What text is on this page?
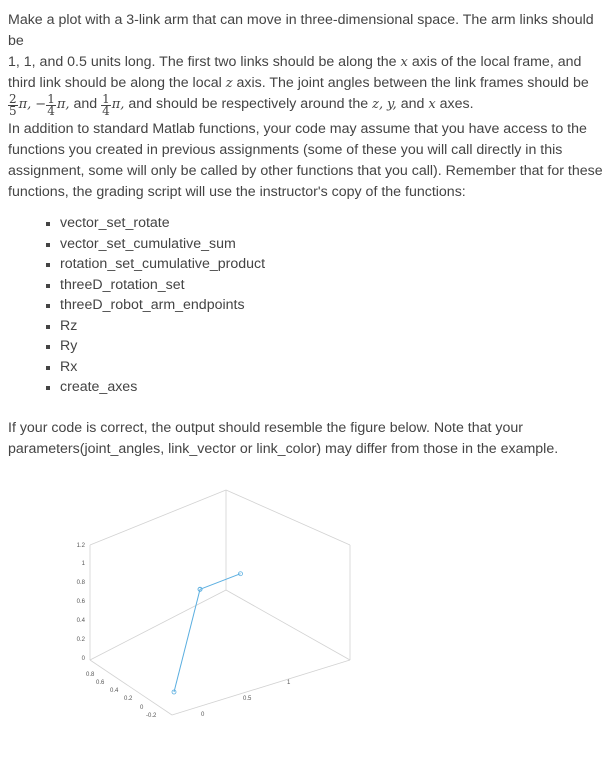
Make a plot with a 3-link arm that can move in three-dimensional space. The arm links should be
1, 1, and 0.5 units long. The first two links should be along the x axis of the local frame, and
third link should be along the local z axis. The joint angles between the link frames should be

$\frac{2}{5} \pi$, − $\frac{1}{4} \pi$, and $\frac{1}{4} \pi$, and should be respectively around the z, y, and x axes.

In addition to standard Matlab functions, your code may assume that you have access to the
functions you created in previous assignments (some of these you will call directly in this
assignment, some will only be called by other functions that you call). Remember that for these
functions, the grading script will use the instructor's copy of the functions:

vector_set_rotate
vector_set_cumulative_sum
rotation_set_cumulative_product
threeD_rotation_set
threeD_robot_arm_endpoints
Rz
Ry
Rx
create_axes

If your code is correct, the output should resemble the figure below. Note that your
parameters(joint_angles, link_vector or link_color) may differ from those in the example.

1.2
1
0.8
0.6
0.4
0.2
0
0.8
0.6
0.4
0.2
0
-0.2	0
0.5
1
